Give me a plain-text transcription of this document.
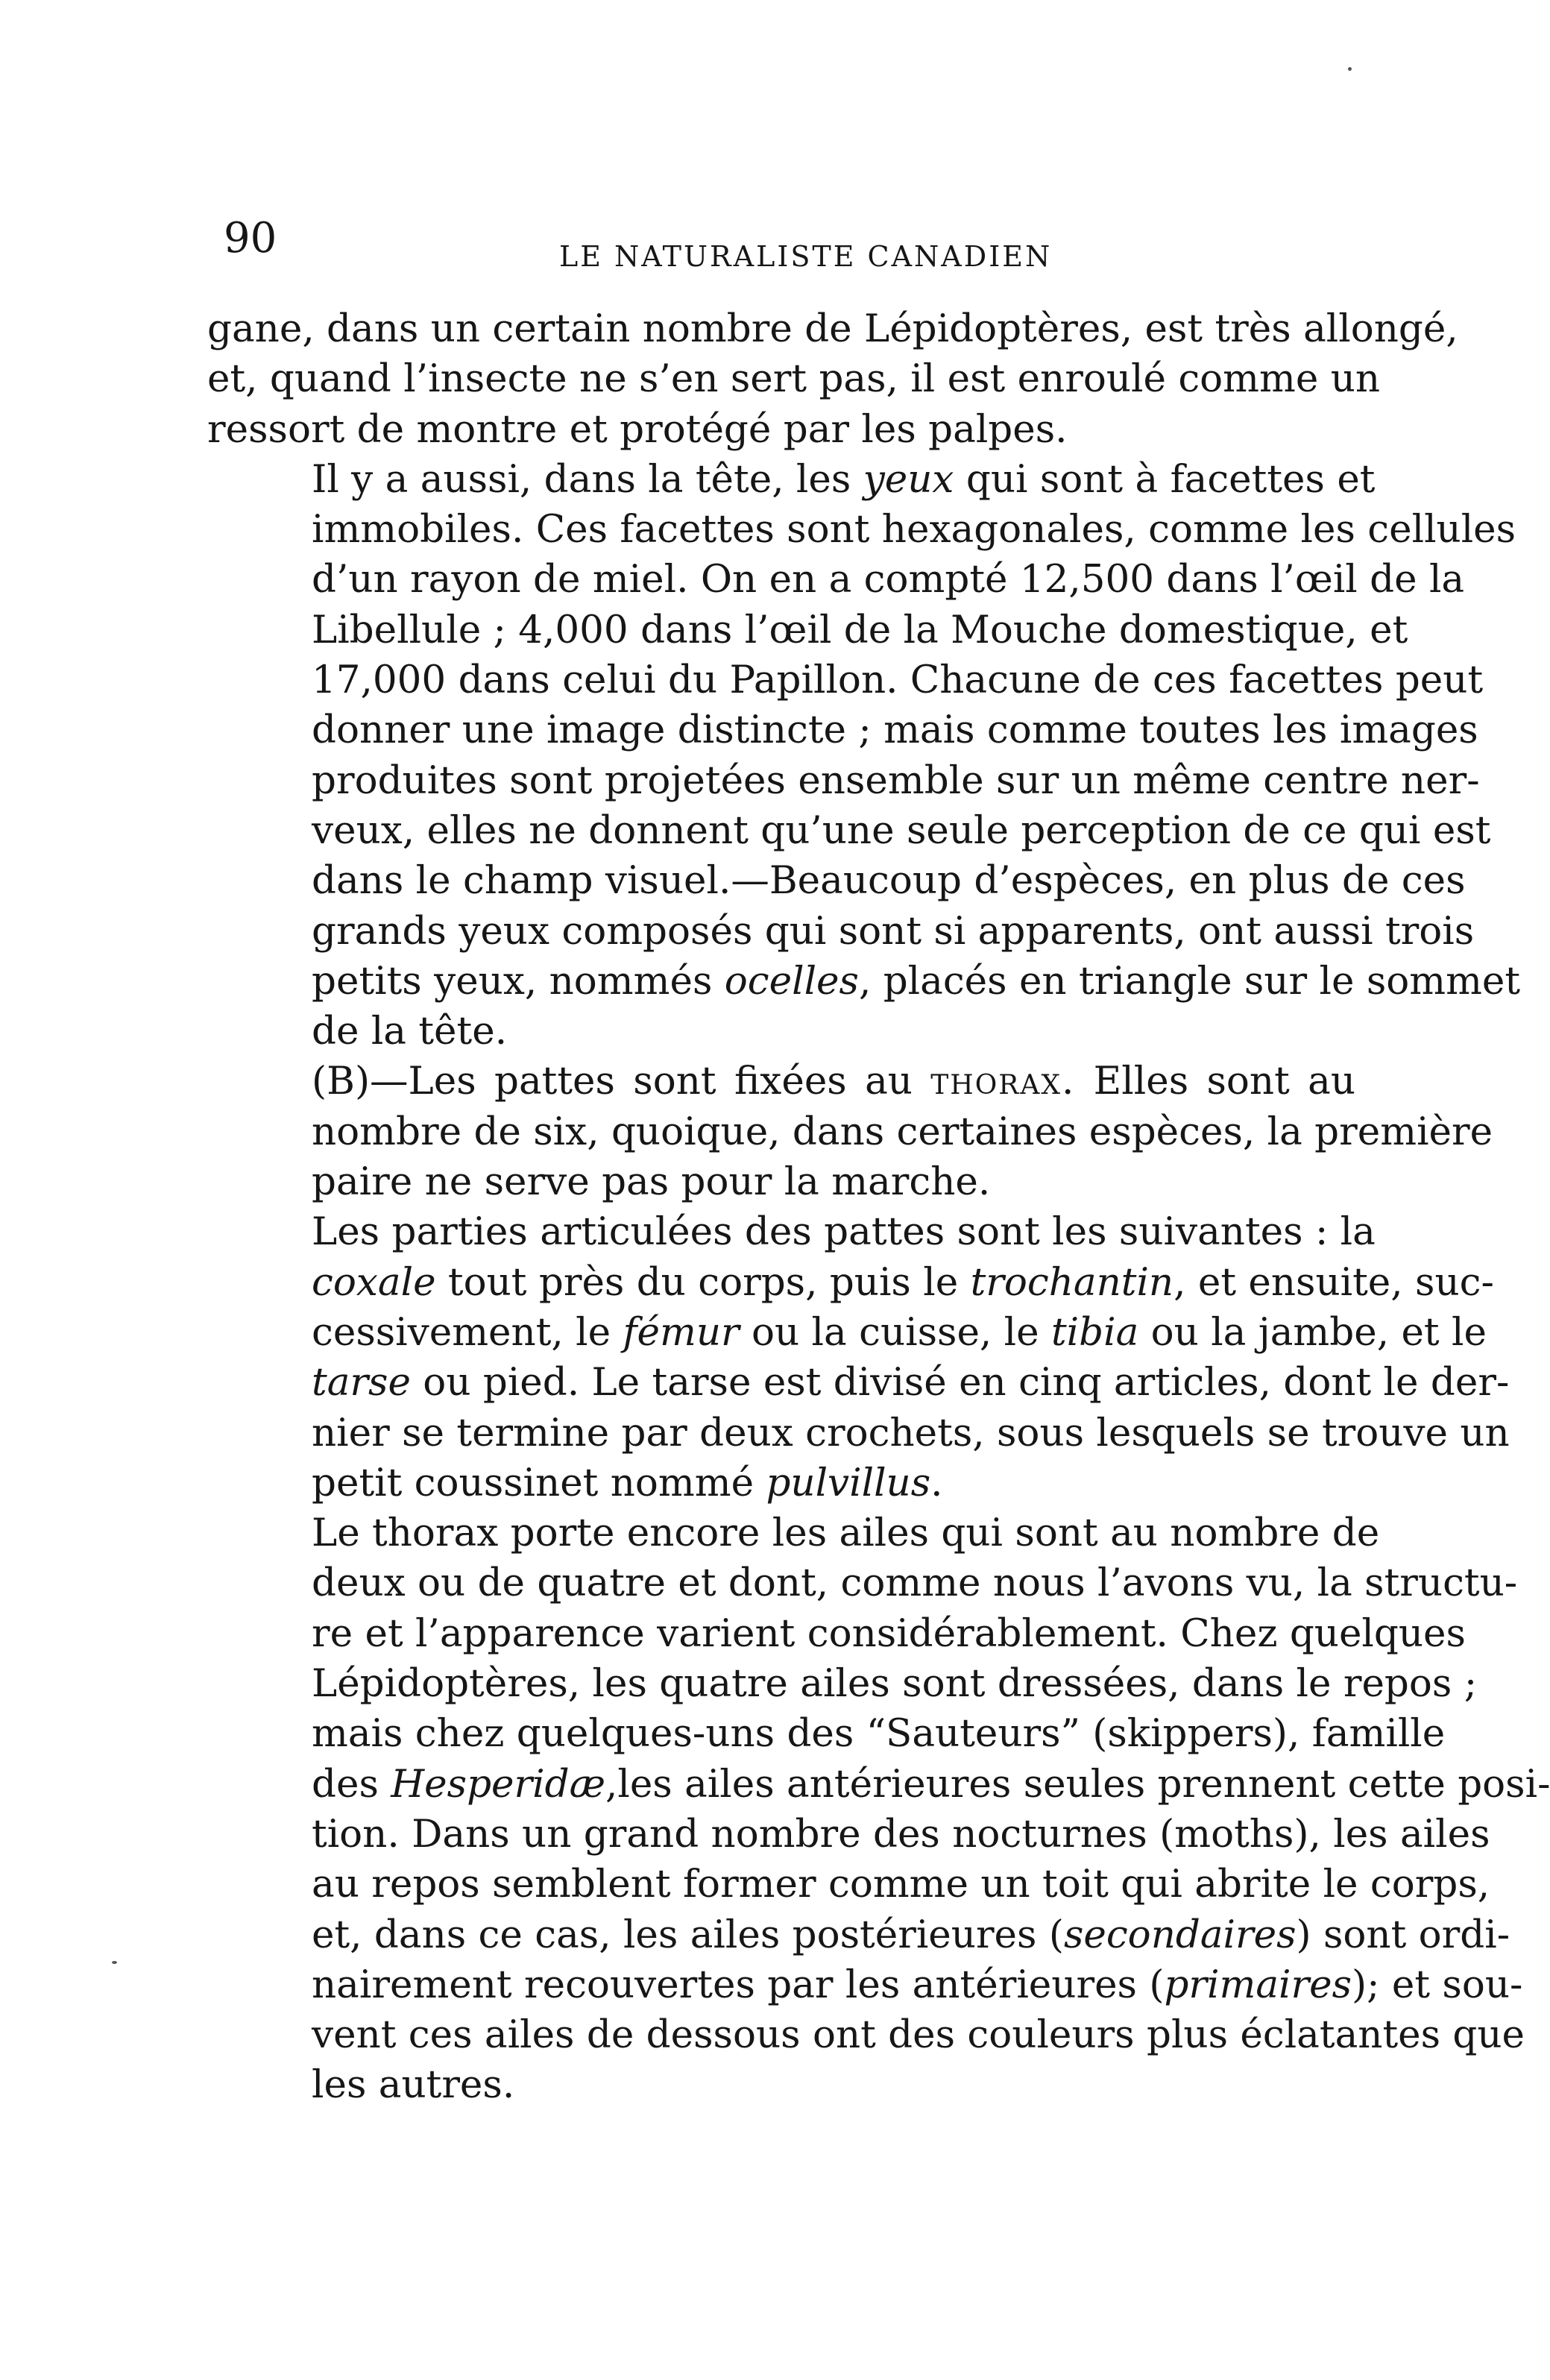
90	LE NATURALISTE CANADIEN

gane, dans un certain nombre de Lépidoptères, est très allongé,
et, quand l’insecte ne s’en sert pas, il est enroulé comme un
ressort de montre et protégé par les palpes.

Il y a aussi, dans la tête, les yeux qui sont à facettes et
immobiles. Ces facettes sont hexagonales, comme les cellules
d’un rayon de miel. On en a compté 12,500 dans l’œil de la
Libellule ; 4,000 dans l’œil de la Mouche domestique, et
17,000 dans celui du Papillon. Chacune de ces facettes peut
donner une image distincte ; mais comme toutes les images
produites sont projetées ensemble sur un même centre ner-
veux, elles ne donnent qu’une seule perception de ce qui est
dans le champ visuel.—Beaucoup d’espèces, en plus de ces
grands yeux composés qui sont si apparents, ont aussi trois
petits yeux, nommés ocelles, placés en triangle sur le sommet
de la tête.

(B)—Les pattes sont fixées au thorax. Elles sont au
nombre de six, quoique, dans certaines espèces, la première
paire ne serve pas pour la marche.

Les parties articulées des pattes sont les suivantes : la
coxale tout près du corps, puis le trochantin, et ensuite, suc-
cessivement, le fémur ou la cuisse, le tibia ou la jambe, et le
tarse ou pied. Le tarse est divisé en cinq articles, dont le der-
nier se termine par deux crochets, sous lesquels se trouve un
petit coussinet nommé pulvillus.

Le thorax porte encore les ailes qui sont au nombre de
deux ou de quatre et dont, comme nous l’avons vu, la structu-
re et l’apparence varient considérablement. Chez quelques
Lépidoptères, les quatre ailes sont dressées, dans le repos ;
mais chez quelques-uns des “Sauteurs” (skippers), famille
des Hesperidæ,les ailes antérieures seules prennent cette posi-
tion. Dans un grand nombre des nocturnes (moths), les ailes
au repos semblent former comme un toit qui abrite le corps,
et, dans ce cas, les ailes postérieures (secondaires) sont ordi-
nairement recouvertes par les antérieures (primaires); et sou-
vent ces ailes de dessous ont des couleurs plus éclatantes que
les autres.
